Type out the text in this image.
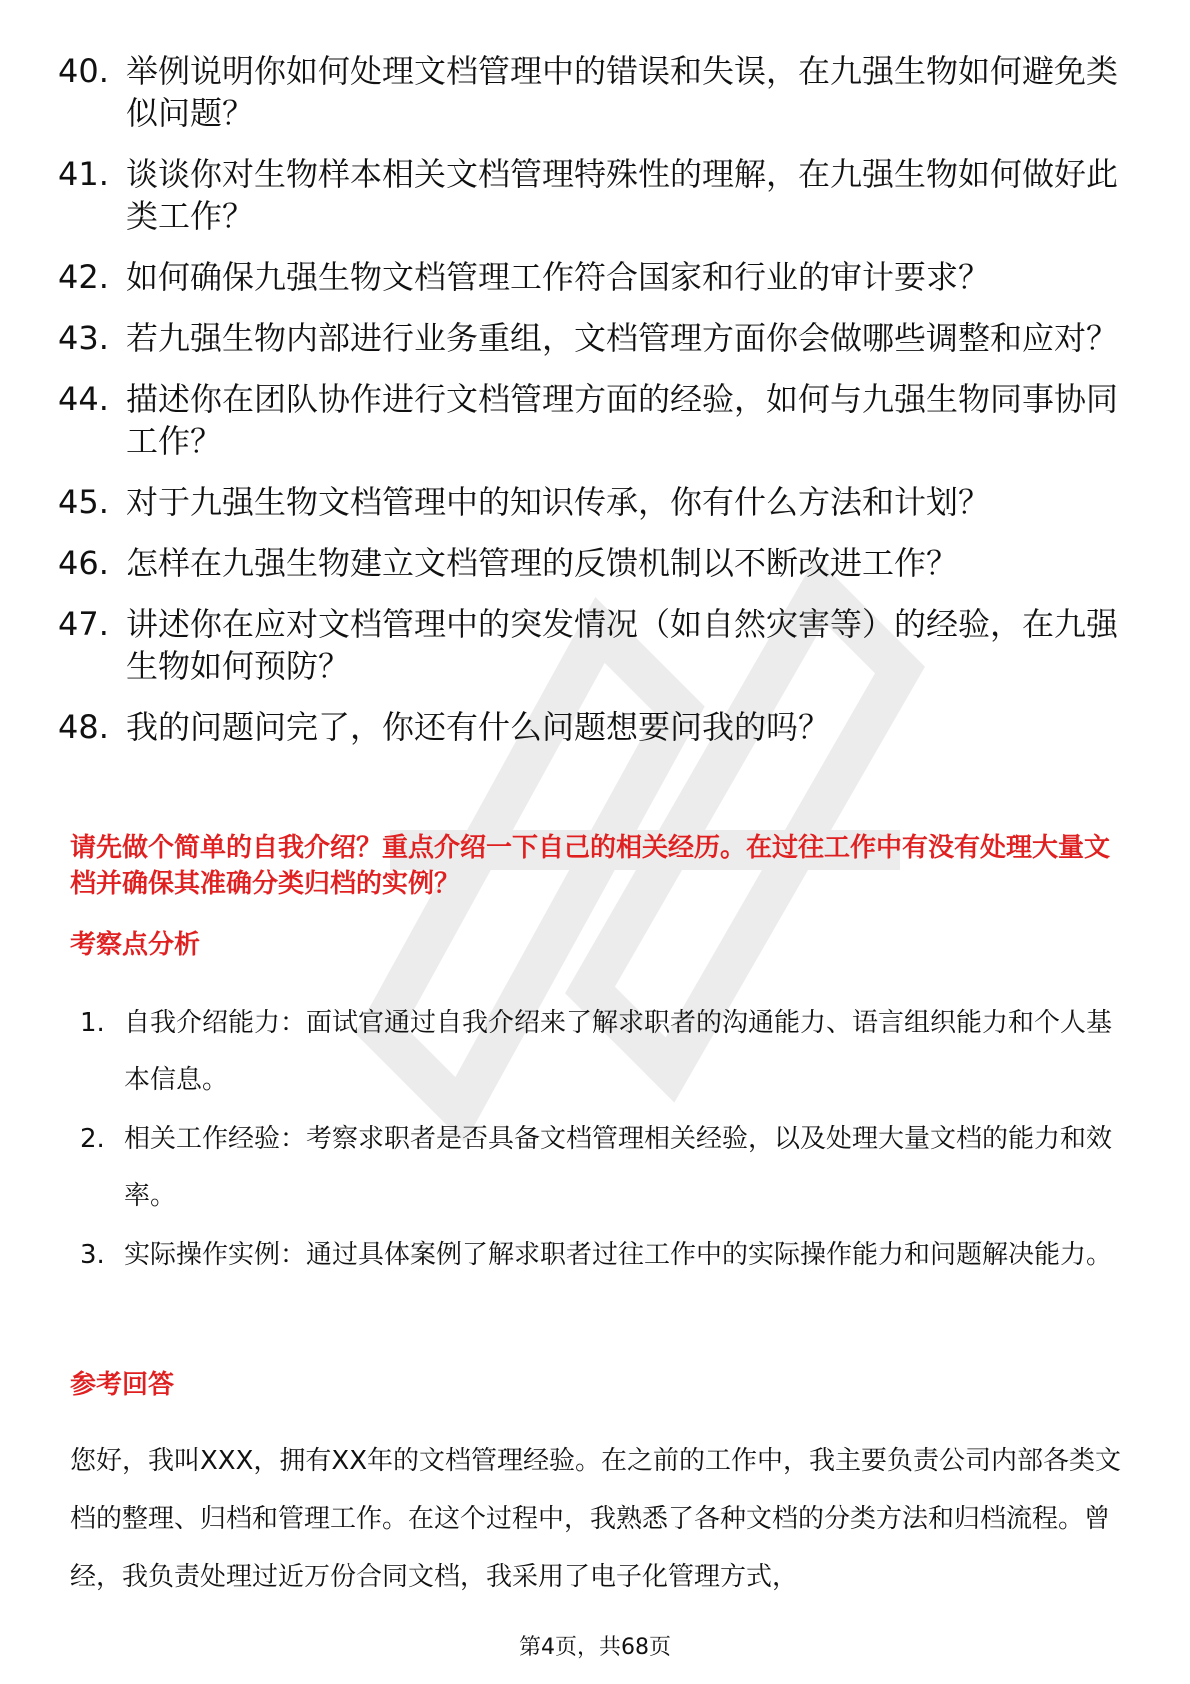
40. 举例说明你如何处理文档管理中的错误和失误，在九强生物如何避免类似问题？
41. 谈谈你对生物样本相关文档管理特殊性的理解，在九强生物如何做好此类工作？
42. 如何确保九强生物文档管理工作符合国家和行业的审计要求？
43. 若九强生物内部进行业务重组，文档管理方面你会做哪些调整和应对？
44. 描述你在团队协作进行文档管理方面的经验，如何与九强生物同事协同工作？
45. 对于九强生物文档管理中的知识传承，你有什么方法和计划？
46. 怎样在九强生物建立文档管理的反馈机制以不断改进工作？
47. 讲述你在应对文档管理中的突发情况（如自然灾害等）的经验，在九强生物如何预防？
48. 我的问题问完了，你还有什么问题想要问我的吗？
请先做个简单的自我介绍？重点介绍一下自己的相关经历。在过往工作中有没有处理大量文档并确保其准确分类归档的实例？
考察点分析
1. 自我介绍能力：面试官通过自我介绍来了解求职者的沟通能力、语言组织能力和个人基本信息。
2. 相关工作经验：考察求职者是否具备文档管理相关经验，以及处理大量文档的能力和效率。
3. 实际操作实例：通过具体案例了解求职者过往工作中的实际操作能力和问题解决能力。
参考回答

您好，我叫XXX，拥有XX年的文档管理经验。在之前的工作中，我主要负责公司内部各类文档的整理、归档和管理工作。在这个过程中，我熟悉了各种文档的分类方法和归档流程。曾经，我负责处理过近万份合同文档，我采用了电子化管理方式，

第4页，共68页
